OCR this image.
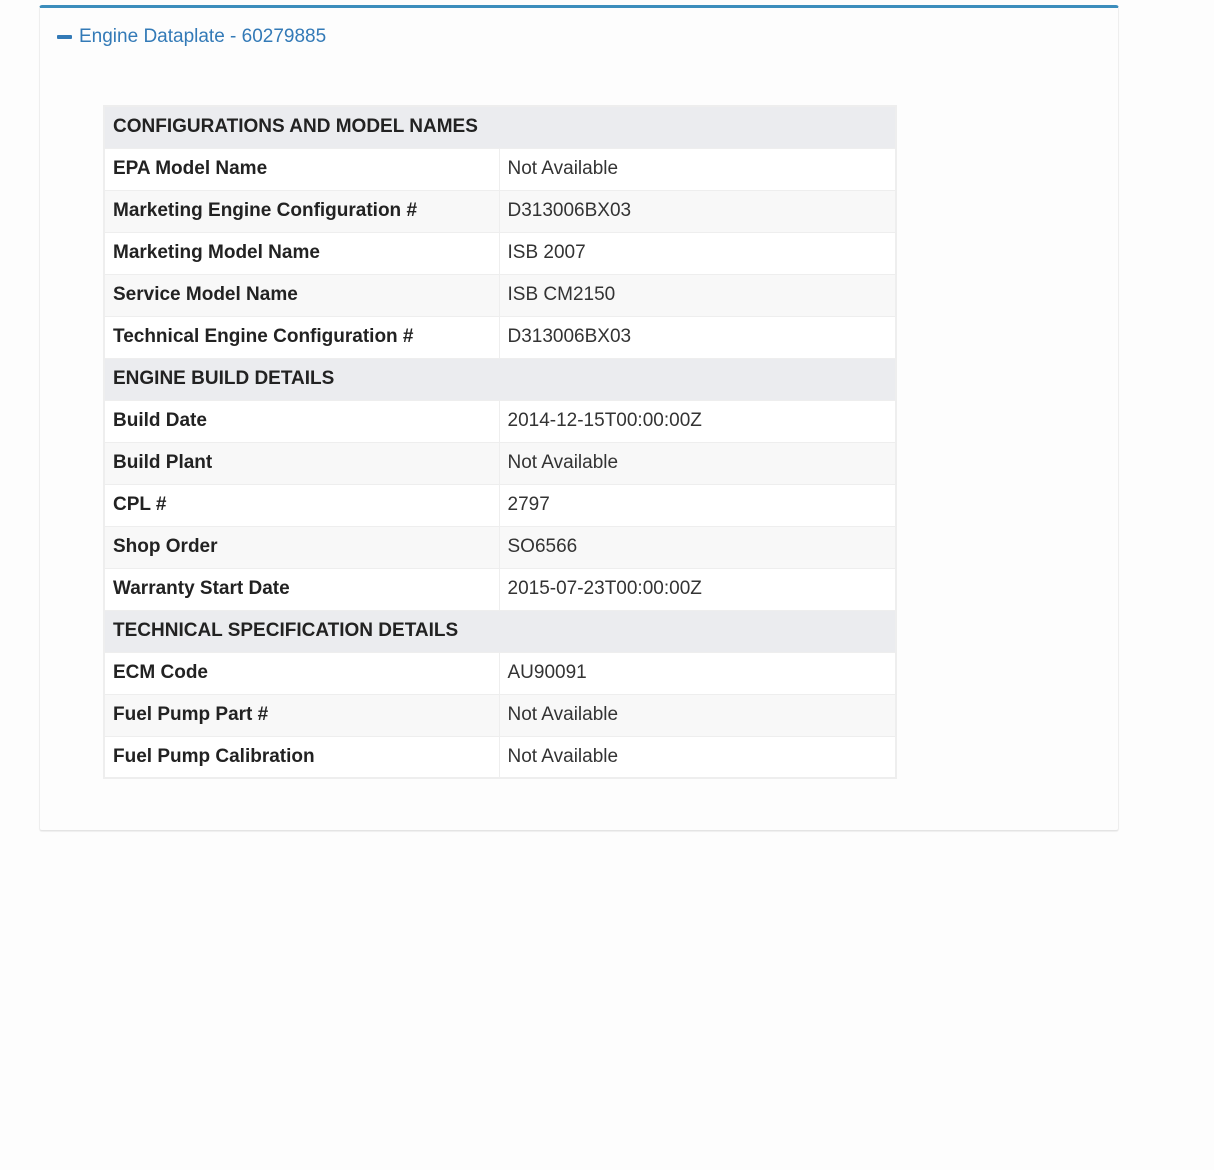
Engine Dataplate - 60279885
CONFIGURATIONS AND MODEL NAMES	
EPA Model Name	Not Available
Marketing Engine Configuration #	D313006BX03
Marketing Model Name	ISB 2007
Service Model Name	ISB CM2150
Technical Engine Configuration #	D313006BX03
ENGINE BUILD DETAILS	
Build Date	2014-12-15T00:00:00Z
Build Plant	Not Available
CPL #	2797
Shop Order	SO6566
Warranty Start Date	2015-07-23T00:00:00Z
TECHNICAL SPECIFICATION DETAILS	
ECM Code	AU90091
Fuel Pump Part #	Not Available
Fuel Pump Calibration	Not Available
